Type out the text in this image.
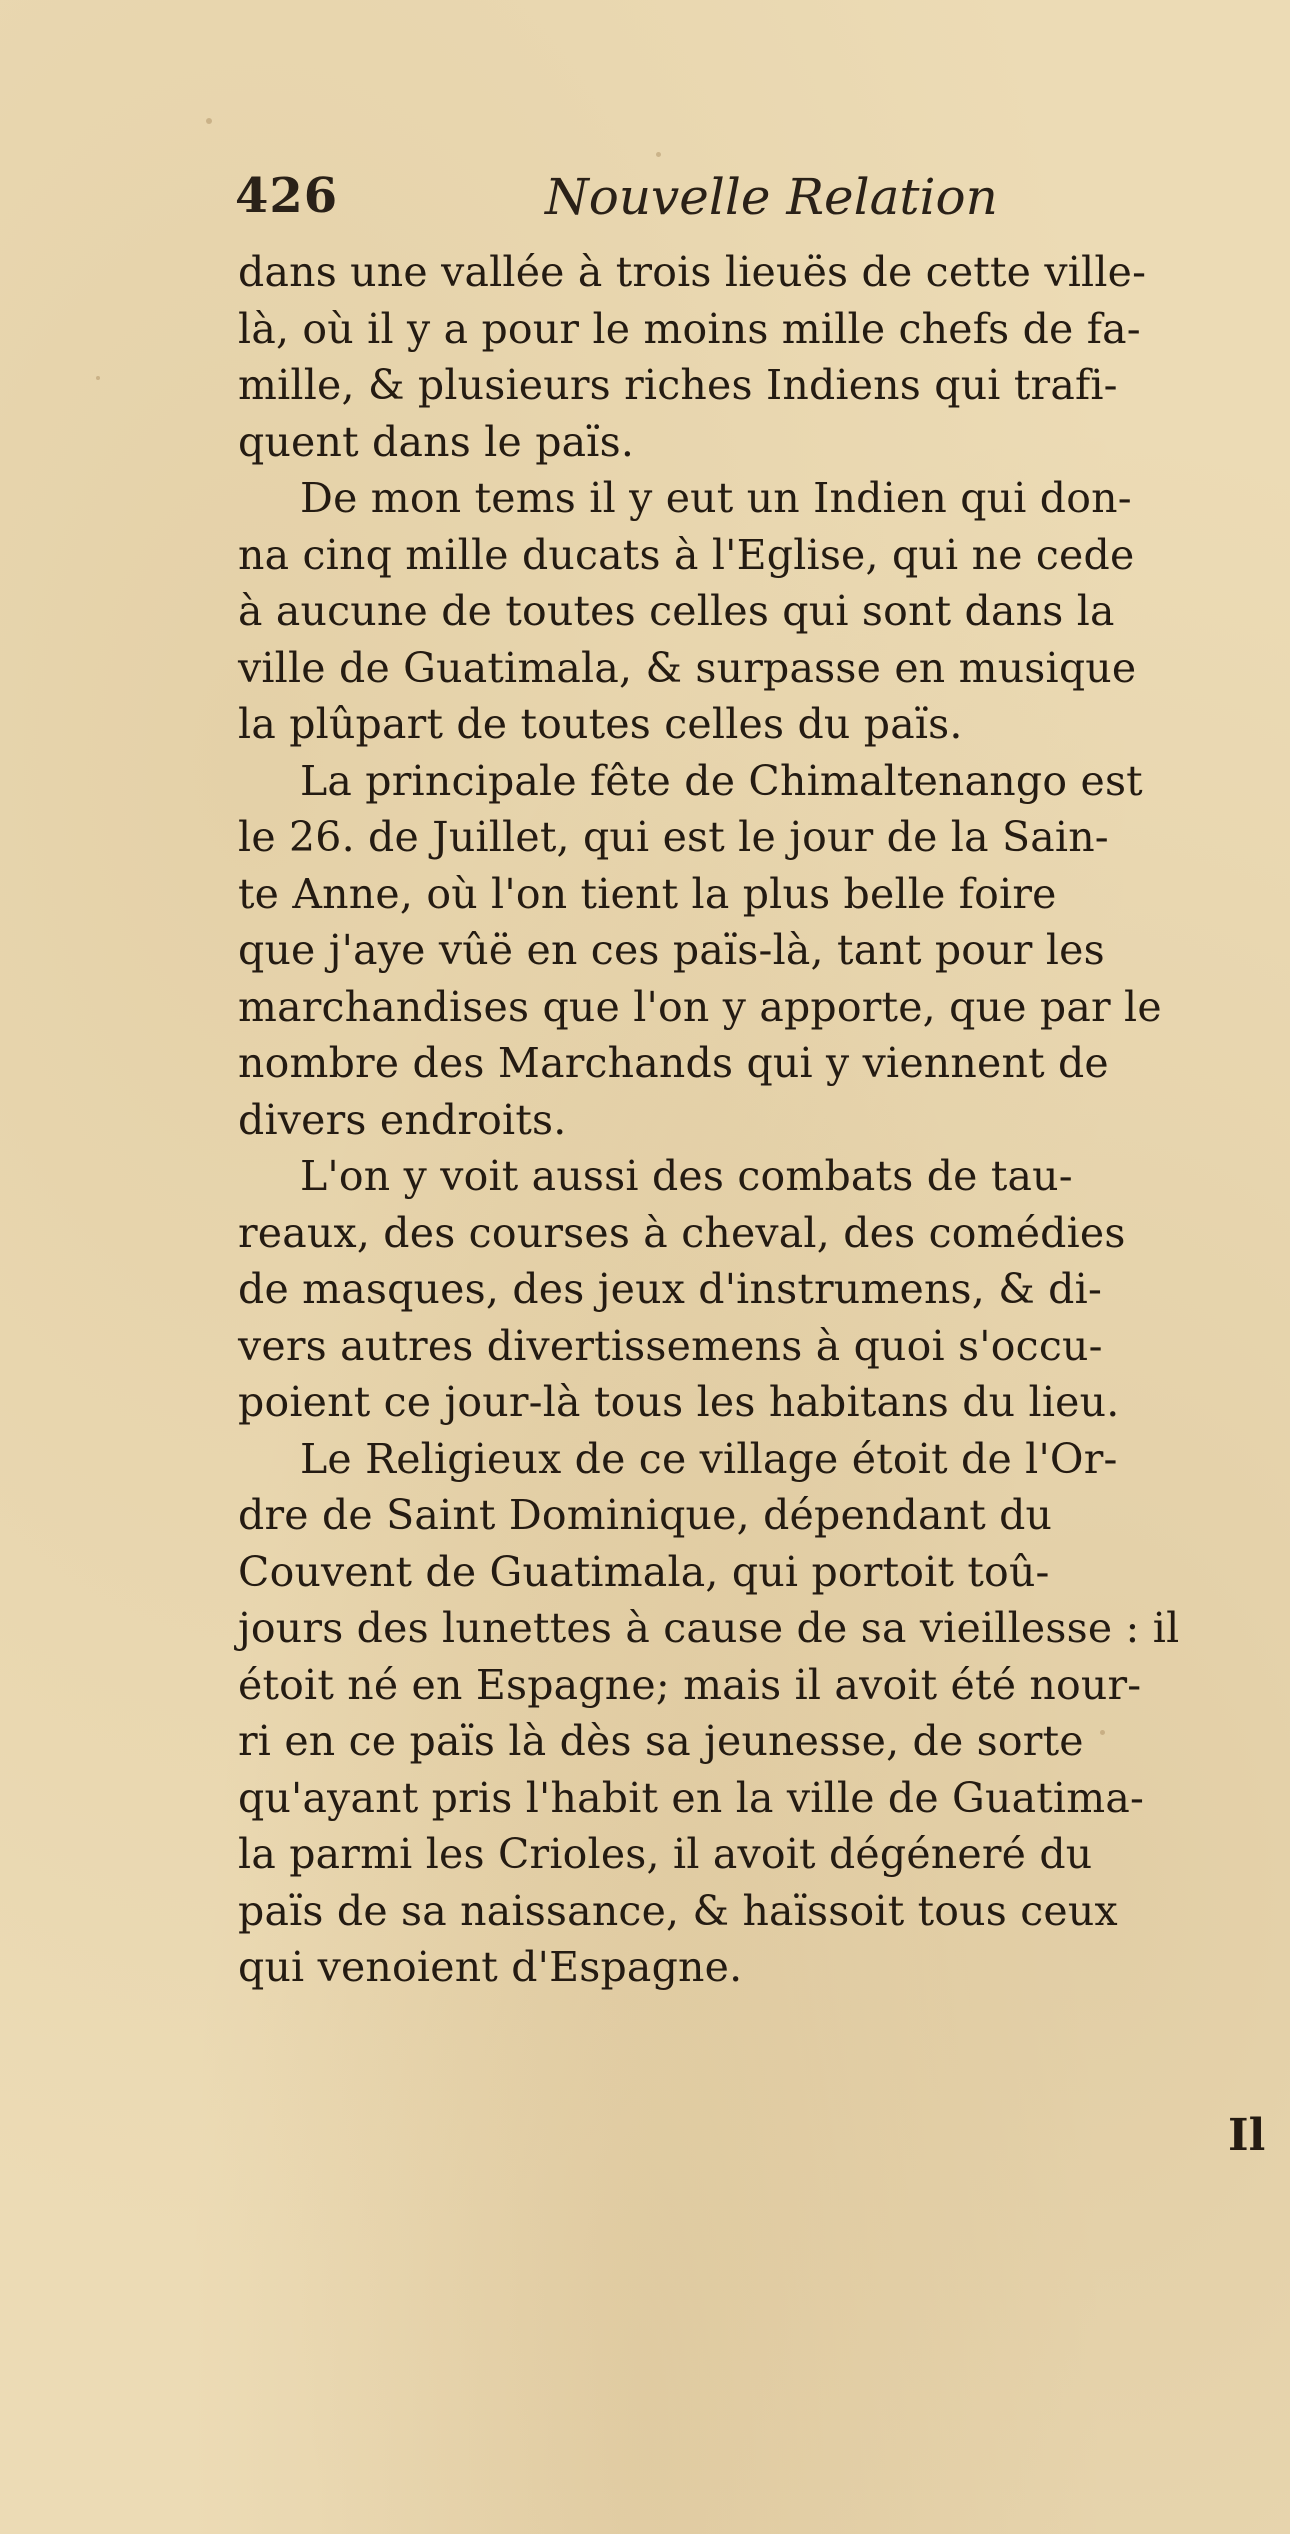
426	Nouvelle Relation
dans une vallée à trois lieuës de cette ville-
là, où il y a pour le moins mille chefs de fa-
mille, & plusieurs riches Indiens qui trafi-
quent dans le païs.
De mon tems il y eut un Indien qui don-
na cinq mille ducats à l'Eglise, qui ne cede
à aucune de toutes celles qui sont dans la
ville de Guatimala, & surpasse en musique
la plûpart de toutes celles du païs.
La principale fête de Chimaltenango est
le 26. de Juillet, qui est le jour de la Sain-
te Anne, où l'on tient la plus belle foire
que j'aye vûë en ces païs-là, tant pour les
marchandises que l'on y apporte, que par le
nombre des Marchands qui y viennent de
divers endroits.
L'on y voit aussi des combats de tau-
reaux, des courses à cheval, des comédies
de masques, des jeux d'instrumens, & di-
vers autres divertissemens à quoi s'occu-
poient ce jour-là tous les habitans du lieu.
Le Religieux de ce village étoit de l'Or-
dre de Saint Dominique, dépendant du
Couvent de Guatimala, qui portoit toû-
jours des lunettes à cause de sa vieillesse : il
étoit né en Espagne; mais il avoit été nour-
ri en ce païs là dès sa jeunesse, de sorte
qu'ayant pris l'habit en la ville de Guatima-
la parmi les Crioles, il avoit dégéneré du
païs de sa naissance, & haïssoit tous ceux
qui venoient d'Espagne.
Il
